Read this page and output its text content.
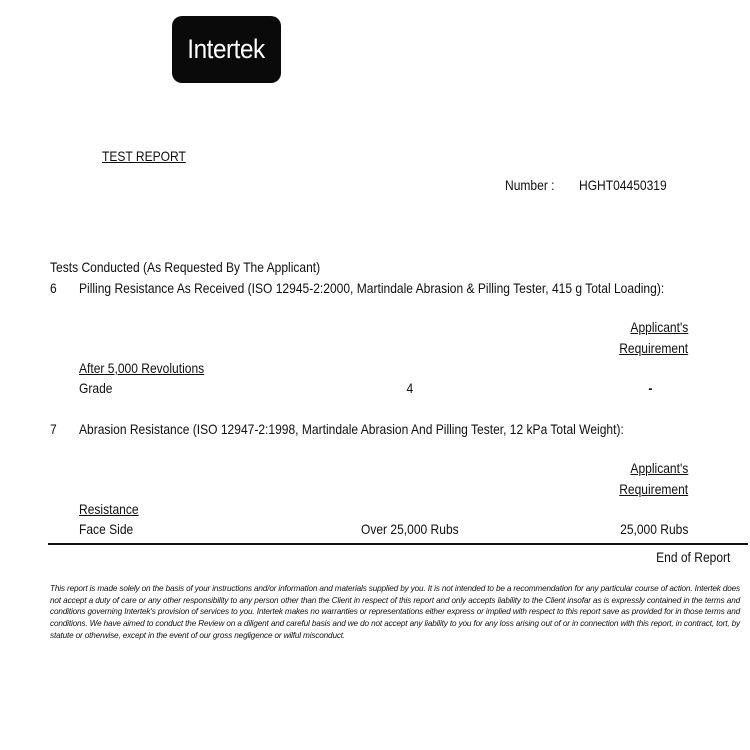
Intertek
TEST REPORT
Number :	HGHT04450319
Tests Conducted (As Requested By The Applicant)
6 Pilling Resistance As Received (ISO 12945-2:2000, Martindale Abrasion & Pilling Tester, 415 g Total Loading):
Applicant's
Requirement
After 5,000 Revolutions
Grade	4	-
7 Abrasion Resistance (ISO 12947-2:1998, Martindale Abrasion And Pilling Tester, 12 kPa Total Weight):
Applicant's
Requirement
Resistance
Face Side	Over 25,000 Rubs	25,000 Rubs
End of Report
This report is made solely on the basis of your instructions and/or information and materials supplied by you. It is not intended to be a recommendation for any particular course of action. Intertek does not accept a duty of care or any other responsibility to any person other than the Client in respect of this report and only accepts liability to the Client insofar as is expressly contained in the terms and conditions governing Intertek's provision of services to you. Intertek makes no warranties or representations either express or implied with respect to this report save as provided for in those terms and conditions. We have aimed to conduct the Review on a diligent and careful basis and we do not accept any liability to you for any loss arising out of or in connection with this report, in contract, tort, by statute or otherwise, except in the event of our gross negligence or wilful misconduct.
